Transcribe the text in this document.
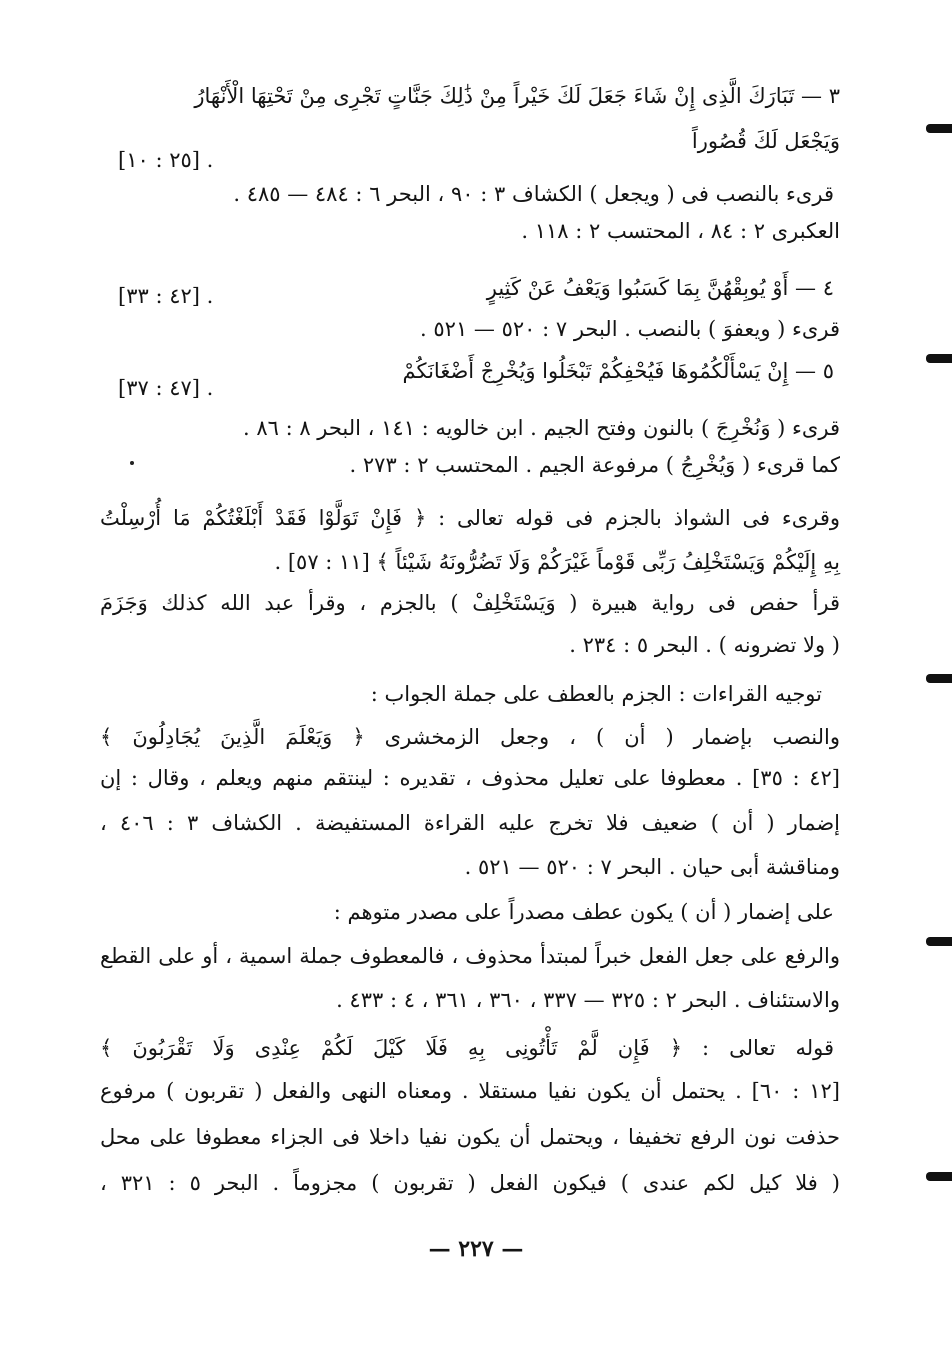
٣ — تَبَارَكَ الَّذِى إِنْ شَاءَ جَعَلَ لَكَ خَيْراً مِنْ ذَٰلِكَ جَنَّاتٍ تَجْرِى مِنْ تَحْتِهَا الْأَنْهَارُ
وَيَجْعَل لَكَ قُصُوراً
[٢٥ : ١٠] .
قرىء بالنصب فى ( ويجعل ) الكشاف ٣ : ٩٠ ، البحر ٦ : ٤٨٤ — ٤٨٥ .
العكبرى ٢ : ٨٤ ، المحتسب ٢ : ١١٨ .
٤ — أَوْ يُوبِقْهُنَّ بِمَا كَسَبُوا وَيَعْفُ عَنْ كَثِيرٍ
[٤٢ : ٣٣] .
قرىء ( ويعفوَ ) بالنصب . البحر ٧ : ٥٢٠ — ٥٢١ .
٥ — إِنْ يَسْأَلْكُمُوهَا فَيُحْفِكُمْ تَبْخَلُوا وَيُخْرِجْ أَضْغَانَكُمْ
[٤٧ : ٣٧] .
قرىء ( وَنُخْرِجَ ) بالنون وفتح الجيم . ابن خالويه : ١٤١ ، البحر ٨ : ٨٦ .
كما قرىء ( وَيُخْرِجُ ) مرفوعة الجيم . المحتسب ٢ : ٢٧٣ .
وقرىء فى الشواذ بالجزم فى قوله تعالى : ﴿ فَإِنْ تَوَلَّوْا فَقَدْ أَبْلَغْتُكُمْ مَا أُرْسِلْتُ
بِهِ إِلَيْكُمْ وَيَسْتَخْلِفُ رَبِّى قَوْماً غَيْرَكُمْ وَلَا تَضُرُّونَهُ شَيْئاً ﴾ [١١ : ٥٧] .
قرأ حفص فى رواية هبيرة ( وَيَسْتَخْلِفْ ) بالجزم ، وقرأ عبد الله كذلك وَجَزَمَ
( ولا تضرونه ) . البحر ٥ : ٢٣٤ .
توجيه القراءات : الجزم بالعطف على جملة الجواب :
والنصب بإضمار ( أن ) ، وجعل الزمخشرى ﴿ وَيَعْلَمَ الَّذِينَ يُجَادِلُونَ ﴾
[٤٢ : ٣٥] . معطوفا على تعليل محذوف ، تقديره : لينتقم منهم ويعلم ، وقال : إن
إضمار ( أن ) ضعيف فلا تخرج عليه القراءة المستفيضة . الكشاف ٣ : ٤٠٦ ،
ومناقشة أبى حيان . البحر ٧ : ٥٢٠ — ٥٢١ .
على إضمار ( أن ) يكون عطف مصدراً على مصدر متوهم :
والرفع على جعل الفعل خبراً لمبتدأ محذوف ، فالمعطوف جملة اسمية ، أو على القطع
والاستئناف . البحر ٢ : ٣٢٥ — ٣٣٧ ، ٣٦٠ ، ٣٦١ ، ٤ : ٤٣٣ .
قوله تعالى : ﴿ فَإِن لَّمْ تَأْتُونِى بِهِ فَلَا كَيْلَ لَكُمْ عِنْدِى وَلَا تَقْرَبُونَ ﴾
[١٢ : ٦٠] . يحتمل أن يكون نفيا مستقلا . ومعناه النهى والفعل ( تقربون ) مرفوع
حذفت نون الرفع تخفيفا ، ويحتمل أن يكون نفيا داخلا فى الجزاء معطوفا على محل
( فلا كيل لكم عندى ) فيكون الفعل ( تقربون ) مجزوماً . البحر ٥ : ٣٢١ ،
— ٢٢٧ —
